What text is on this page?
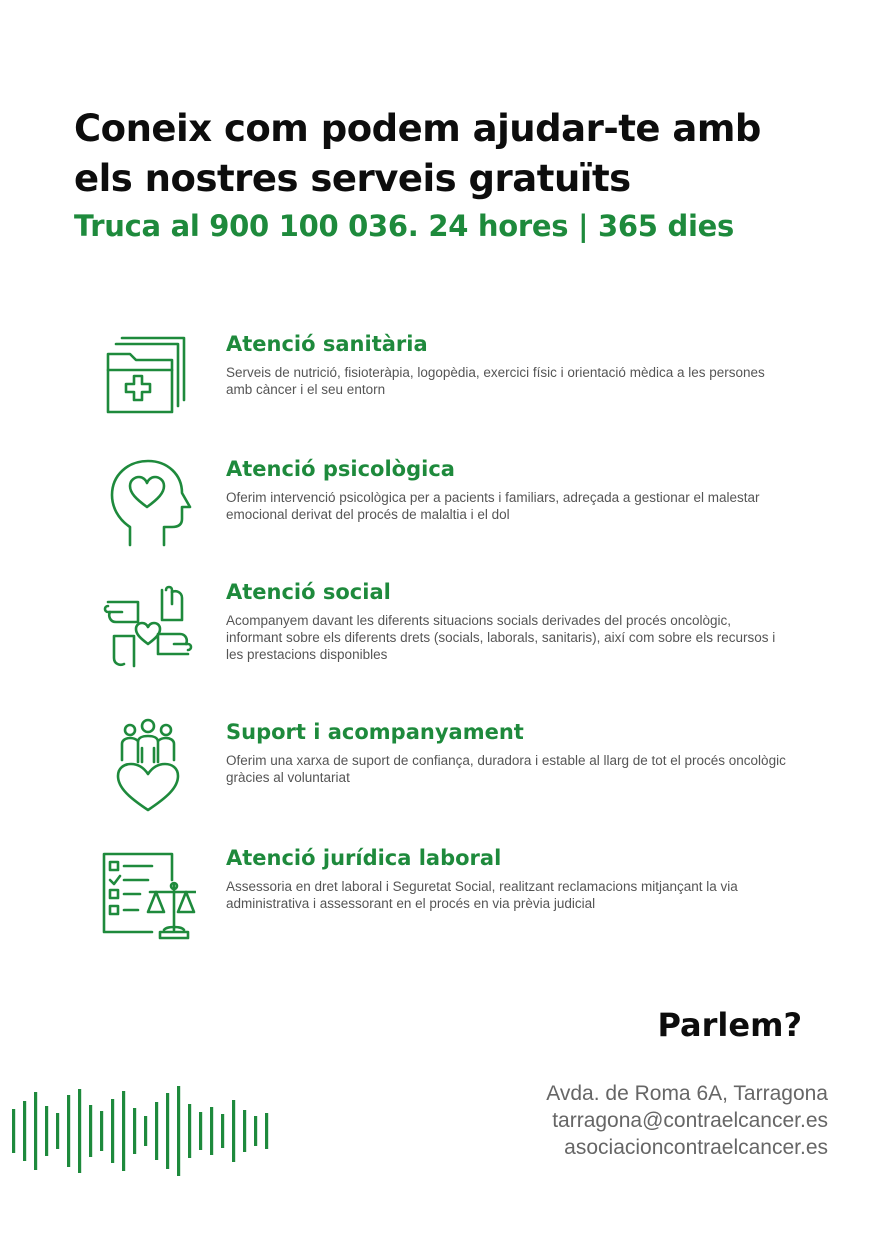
Coneix com podem ajudar-te amb
els nostres serveis gratuïts
Truca al 900 100 036. 24 hores | 365 dies
Atenció sanitària
Serveis de nutrició, fisioteràpia, logopèdia, exercici físic i orientació mèdica a les persones amb càncer i el seu entorn
Atenció psicològica
Oferim intervenció psicològica per a pacients i familiars, adreçada a gestionar el malestar emocional derivat del procés de malaltia i el dol
Atenció social
Acompanyem davant les diferents situacions socials derivades del procés oncològic, informant sobre els diferents drets (socials, laborals, sanitaris), així com sobre els recursos i les prestacions disponibles
Suport i acompanyament
Oferim una xarxa de suport de confiança, duradora i estable al llarg de tot el procés oncològic gràcies al voluntariat
Atenció jurídica laboral
Assessoria en dret laboral i Seguretat Social, realitzant reclamacions mitjançant la via administrativa i assessorant en el procés en via prèvia judicial
Parlem?
Avda. de Roma 6A, Tarragona
tarragona@contraelcancer.es
asociacioncontraelcancer.es
